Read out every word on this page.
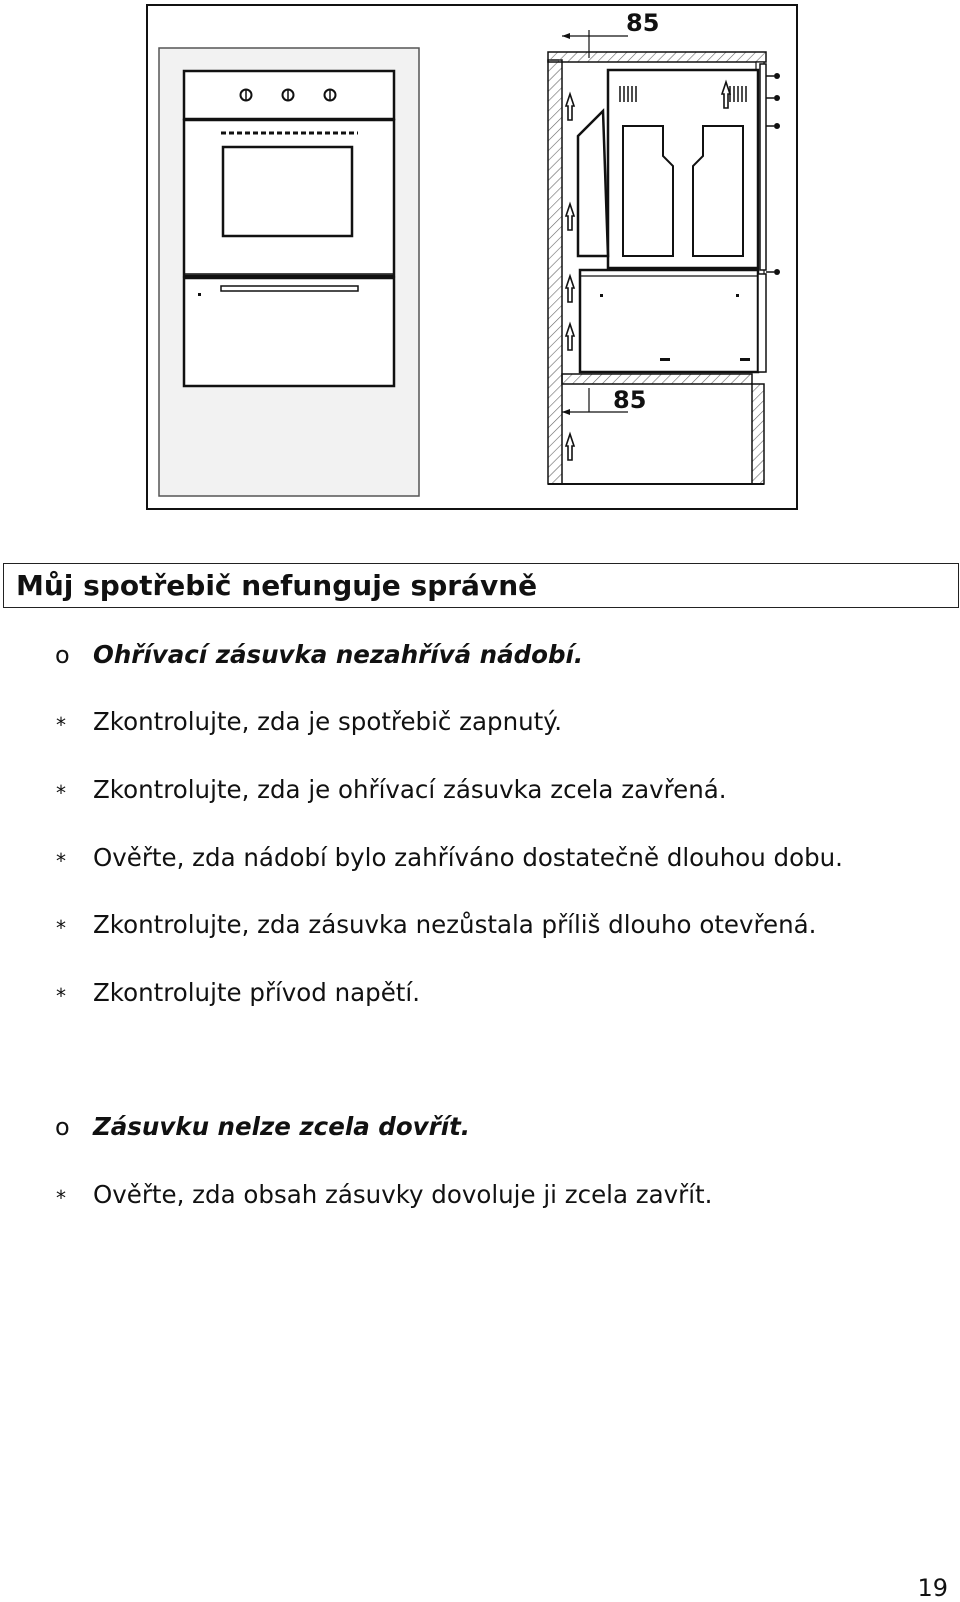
85
85
Můj spotřebič nefunguje správně
o Ohřívací zásuvka nezahřívá nádobí.
*	Zkontrolujte, zda je spotřebič zapnutý.
*	Zkontrolujte, zda je ohřívací zásuvka zcela zavřená.
*	Ověřte, zda nádobí bylo zahříváno dostatečně dlouhou dobu.
*	Zkontrolujte, zda zásuvka nezůstala příliš dlouho otevřená.
*	Zkontrolujte přívod napětí.
o Zásuvku nelze zcela dovřít.
*	Ověřte, zda obsah zásuvky dovoluje ji zcela zavřít.
19
